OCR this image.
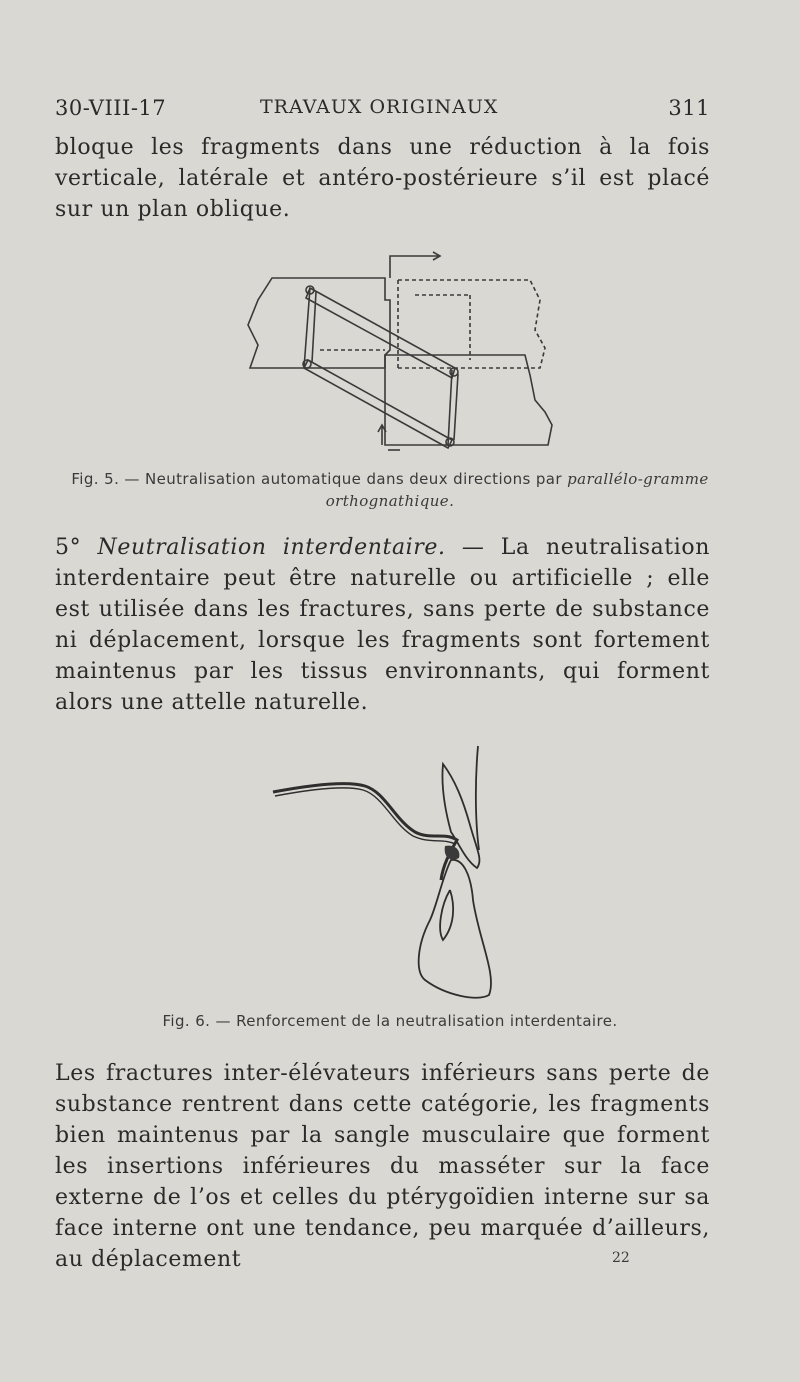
30-VIII-17	TRAVAUX ORIGINAUX	311

bloque les fragments dans une réduction à la fois verticale, latérale et antéro-postérieure s’il est placé sur un plan oblique.

Fig. 5. — Neutralisation automatique dans deux directions par parallélo-gramme orthognathique.

5° Neutralisation interdentaire. — La neutralisation interdentaire peut être naturelle ou artificielle ; elle est utilisée dans les fractures, sans perte de substance ni déplacement, lorsque les fragments sont fortement maintenus par les tissus environnants, qui forment alors une attelle naturelle.

Fig. 6. — Renforcement de la neutralisation interdentaire.

Les fractures inter-élévateurs inférieurs sans perte de substance rentrent dans cette catégorie, les fragments bien maintenus par la sangle musculaire que forment les insertions inférieures du masséter sur la face externe de l’os et celles du ptérygoïdien interne sur sa face interne ont une tendance, peu marquée d’ailleurs, au déplacement	22
